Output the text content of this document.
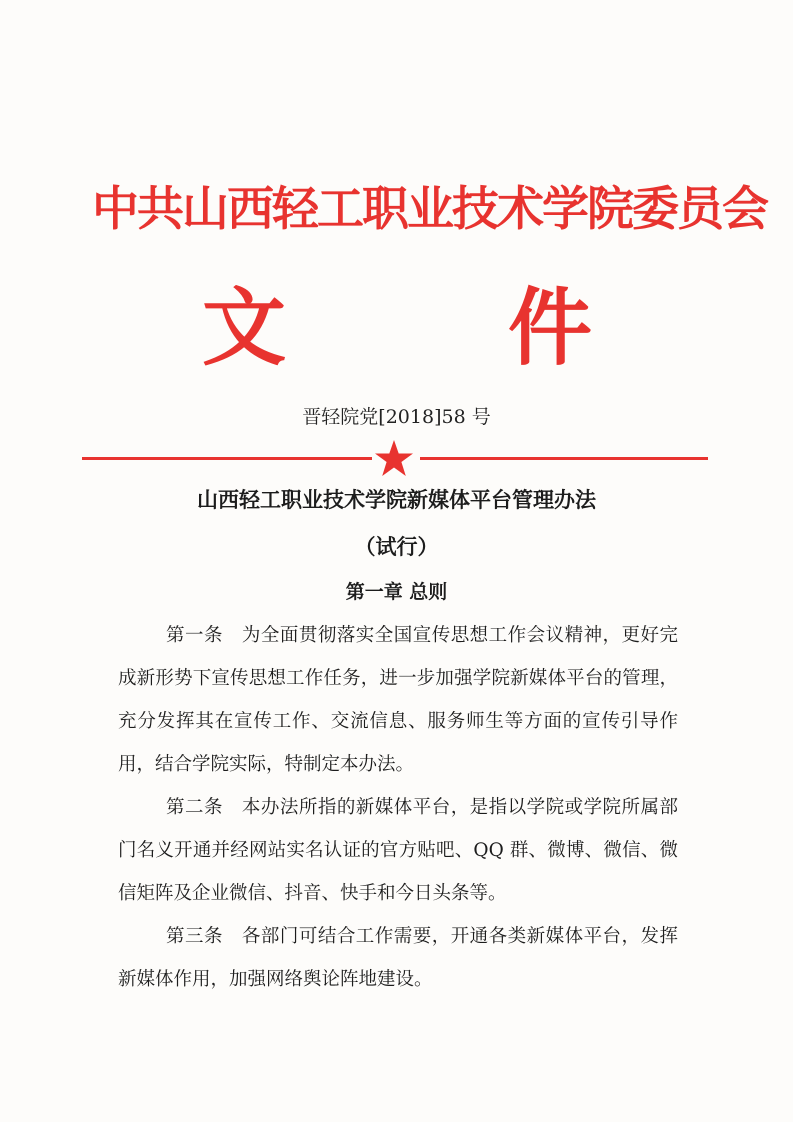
中共山西轻工职业技术学院委员会
文	件
晋轻院党[2018]58 号
山西轻工职业技术学院新媒体平台管理办法
（试行）
第一章 总则
第一条　为全面贯彻落实全国宣传思想工作会议精神，更好完成新形势下宣传思想工作任务，进一步加强学院新媒体平台的管理，充分发挥其在宣传工作、交流信息、服务师生等方面的宣传引导作用，结合学院实际，特制定本办法。
第二条　本办法所指的新媒体平台，是指以学院或学院所属部门名义开通并经网站实名认证的官方贴吧、QQ 群、微博、微信、微信矩阵及企业微信、抖音、快手和今日头条等。
第三条　各部门可结合工作需要，开通各类新媒体平台，发挥新媒体作用，加强网络舆论阵地建设。
